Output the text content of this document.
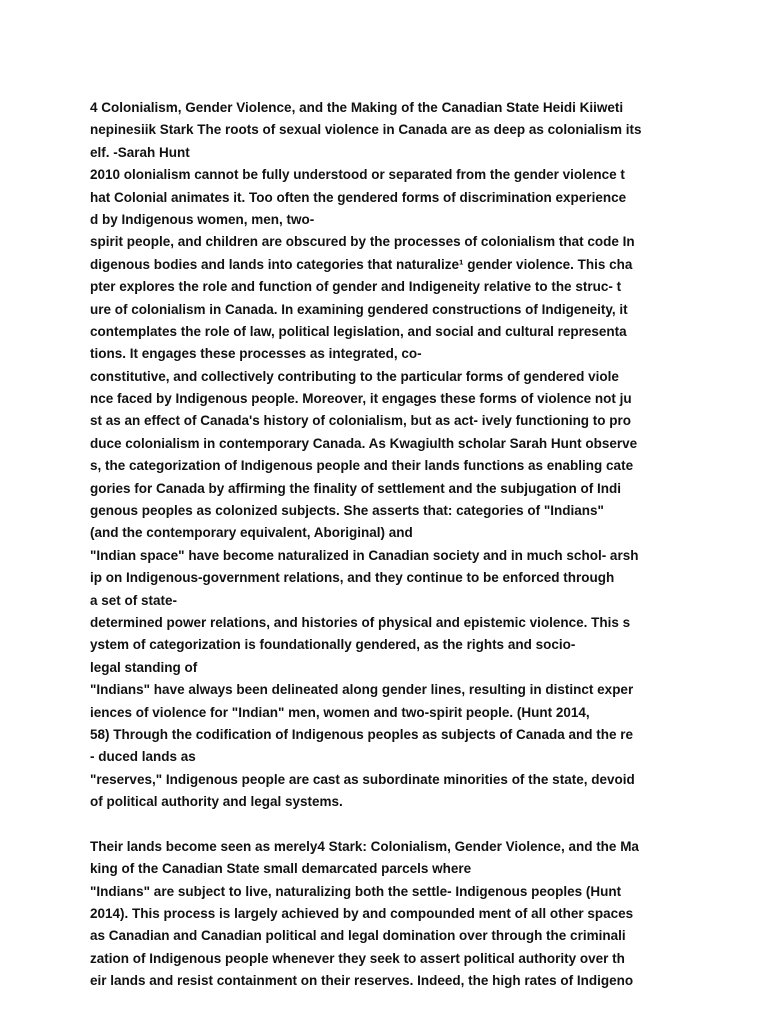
4 Colonialism, Gender Violence, and the Making of the Canadian State Heidi Kiiweti
nepinesiik Stark The roots of sexual violence in Canada are as deep as colonialism its
elf. -Sarah Hunt
2010 olonialism cannot be fully understood or separated from the gender violence t
hat Colonial animates it. Too often the gendered forms of discrimination experience
d by Indigenous women, men, two-
spirit people, and children are obscured by the processes of colonialism that code In
digenous bodies and lands into categories that naturalize¹ gender violence. This cha
pter explores the role and function of gender and Indigeneity relative to the struc- t
ure of colonialism in Canada. In examining gendered constructions of Indigeneity, it
contemplates the role of law, political legislation, and social and cultural representa
tions. It engages these processes as integrated, co-
constitutive, and collectively contributing to the particular forms of gendered viole
nce faced by Indigenous people. Moreover, it engages these forms of violence not ju
st as an effect of Canada's history of colonialism, but as act- ively functioning to pro
duce colonialism in contemporary Canada. As Kwagiulth scholar Sarah Hunt observe
s, the categorization of Indigenous people and their lands functions as enabling cate
gories for Canada by affirming the finality of settlement and the subjugation of Indi
genous peoples as colonized subjects. She asserts that: categories of "Indians"
(and the contemporary equivalent, Aboriginal) and
"Indian space" have become naturalized in Canadian society and in much schol- arsh
ip on Indigenous-government relations, and they continue to be enforced through
a set of state-
determined power relations, and histories of physical and epistemic violence. This s
ystem of categorization is foundationally gendered, as the rights and socio-
legal standing of
"Indians" have always been delineated along gender lines, resulting in distinct exper
iences of violence for "Indian" men, women and two-spirit people. (Hunt 2014,
58) Through the codification of Indigenous peoples as subjects of Canada and the re
- duced lands as
"reserves," Indigenous people are cast as subordinate minorities of the state, devoid
of political authority and legal systems.
Their lands become seen as merely4 Stark: Colonialism, Gender Violence, and the Ma
king of the Canadian State small demarcated parcels where
"Indians" are subject to live, naturalizing both the settle- Indigenous peoples (Hunt
2014). This process is largely achieved by and compounded ment of all other spaces
as Canadian and Canadian political and legal domination over through the criminali
zation of Indigenous people whenever they seek to assert political authority over th
eir lands and resist containment on their reserves. Indeed, the high rates of Indigeno
